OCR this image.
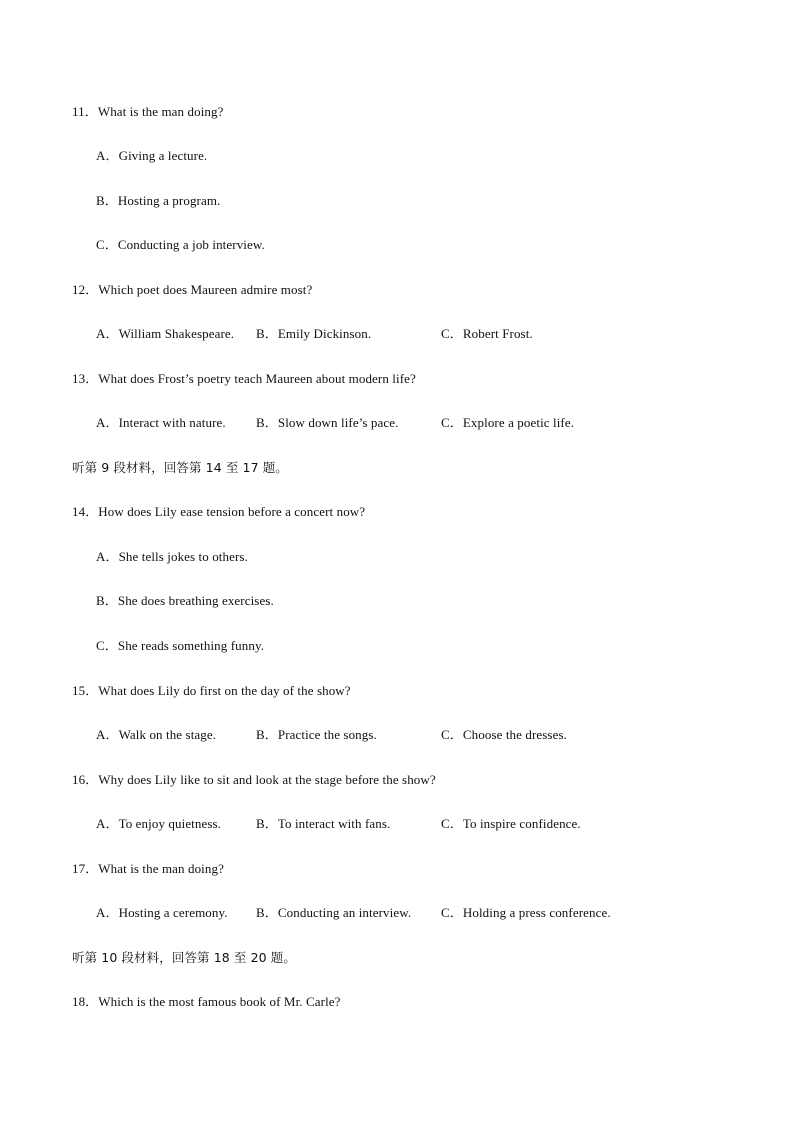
11．What is the man doing?
A．Giving a lecture.
B．Hosting a program.
C．Conducting a job interview.
12．Which poet does Maureen admire most?
A．William Shakespeare. B．Emily Dickinson.	C．Robert Frost.
13．What does Frost’s poetry teach Maureen about modern life?
A．Interact with nature. B．Slow down life’s pace.	C．Explore a poetic life.
听第 9 段材料，回答第 14 至 17 题。
14．How does Lily ease tension before a concert now?
A．She tells jokes to others.
B．She does breathing exercises.
C．She reads something funny.
15．What does Lily do first on the day of the show?
A．Walk on the stage.	B．Practice the songs.	C．Choose the dresses.
16．Why does Lily like to sit and look at the stage before the show?
A．To enjoy quietness.	B．To interact with fans.	C．To inspire confidence.
17．What is the man doing?
A．Hosting a ceremony. B．Conducting an interview. C．Holding a press conference.
听第 10 段材料，回答第 18 至 20 题。
18．Which is the most famous book of Mr. Carle?
